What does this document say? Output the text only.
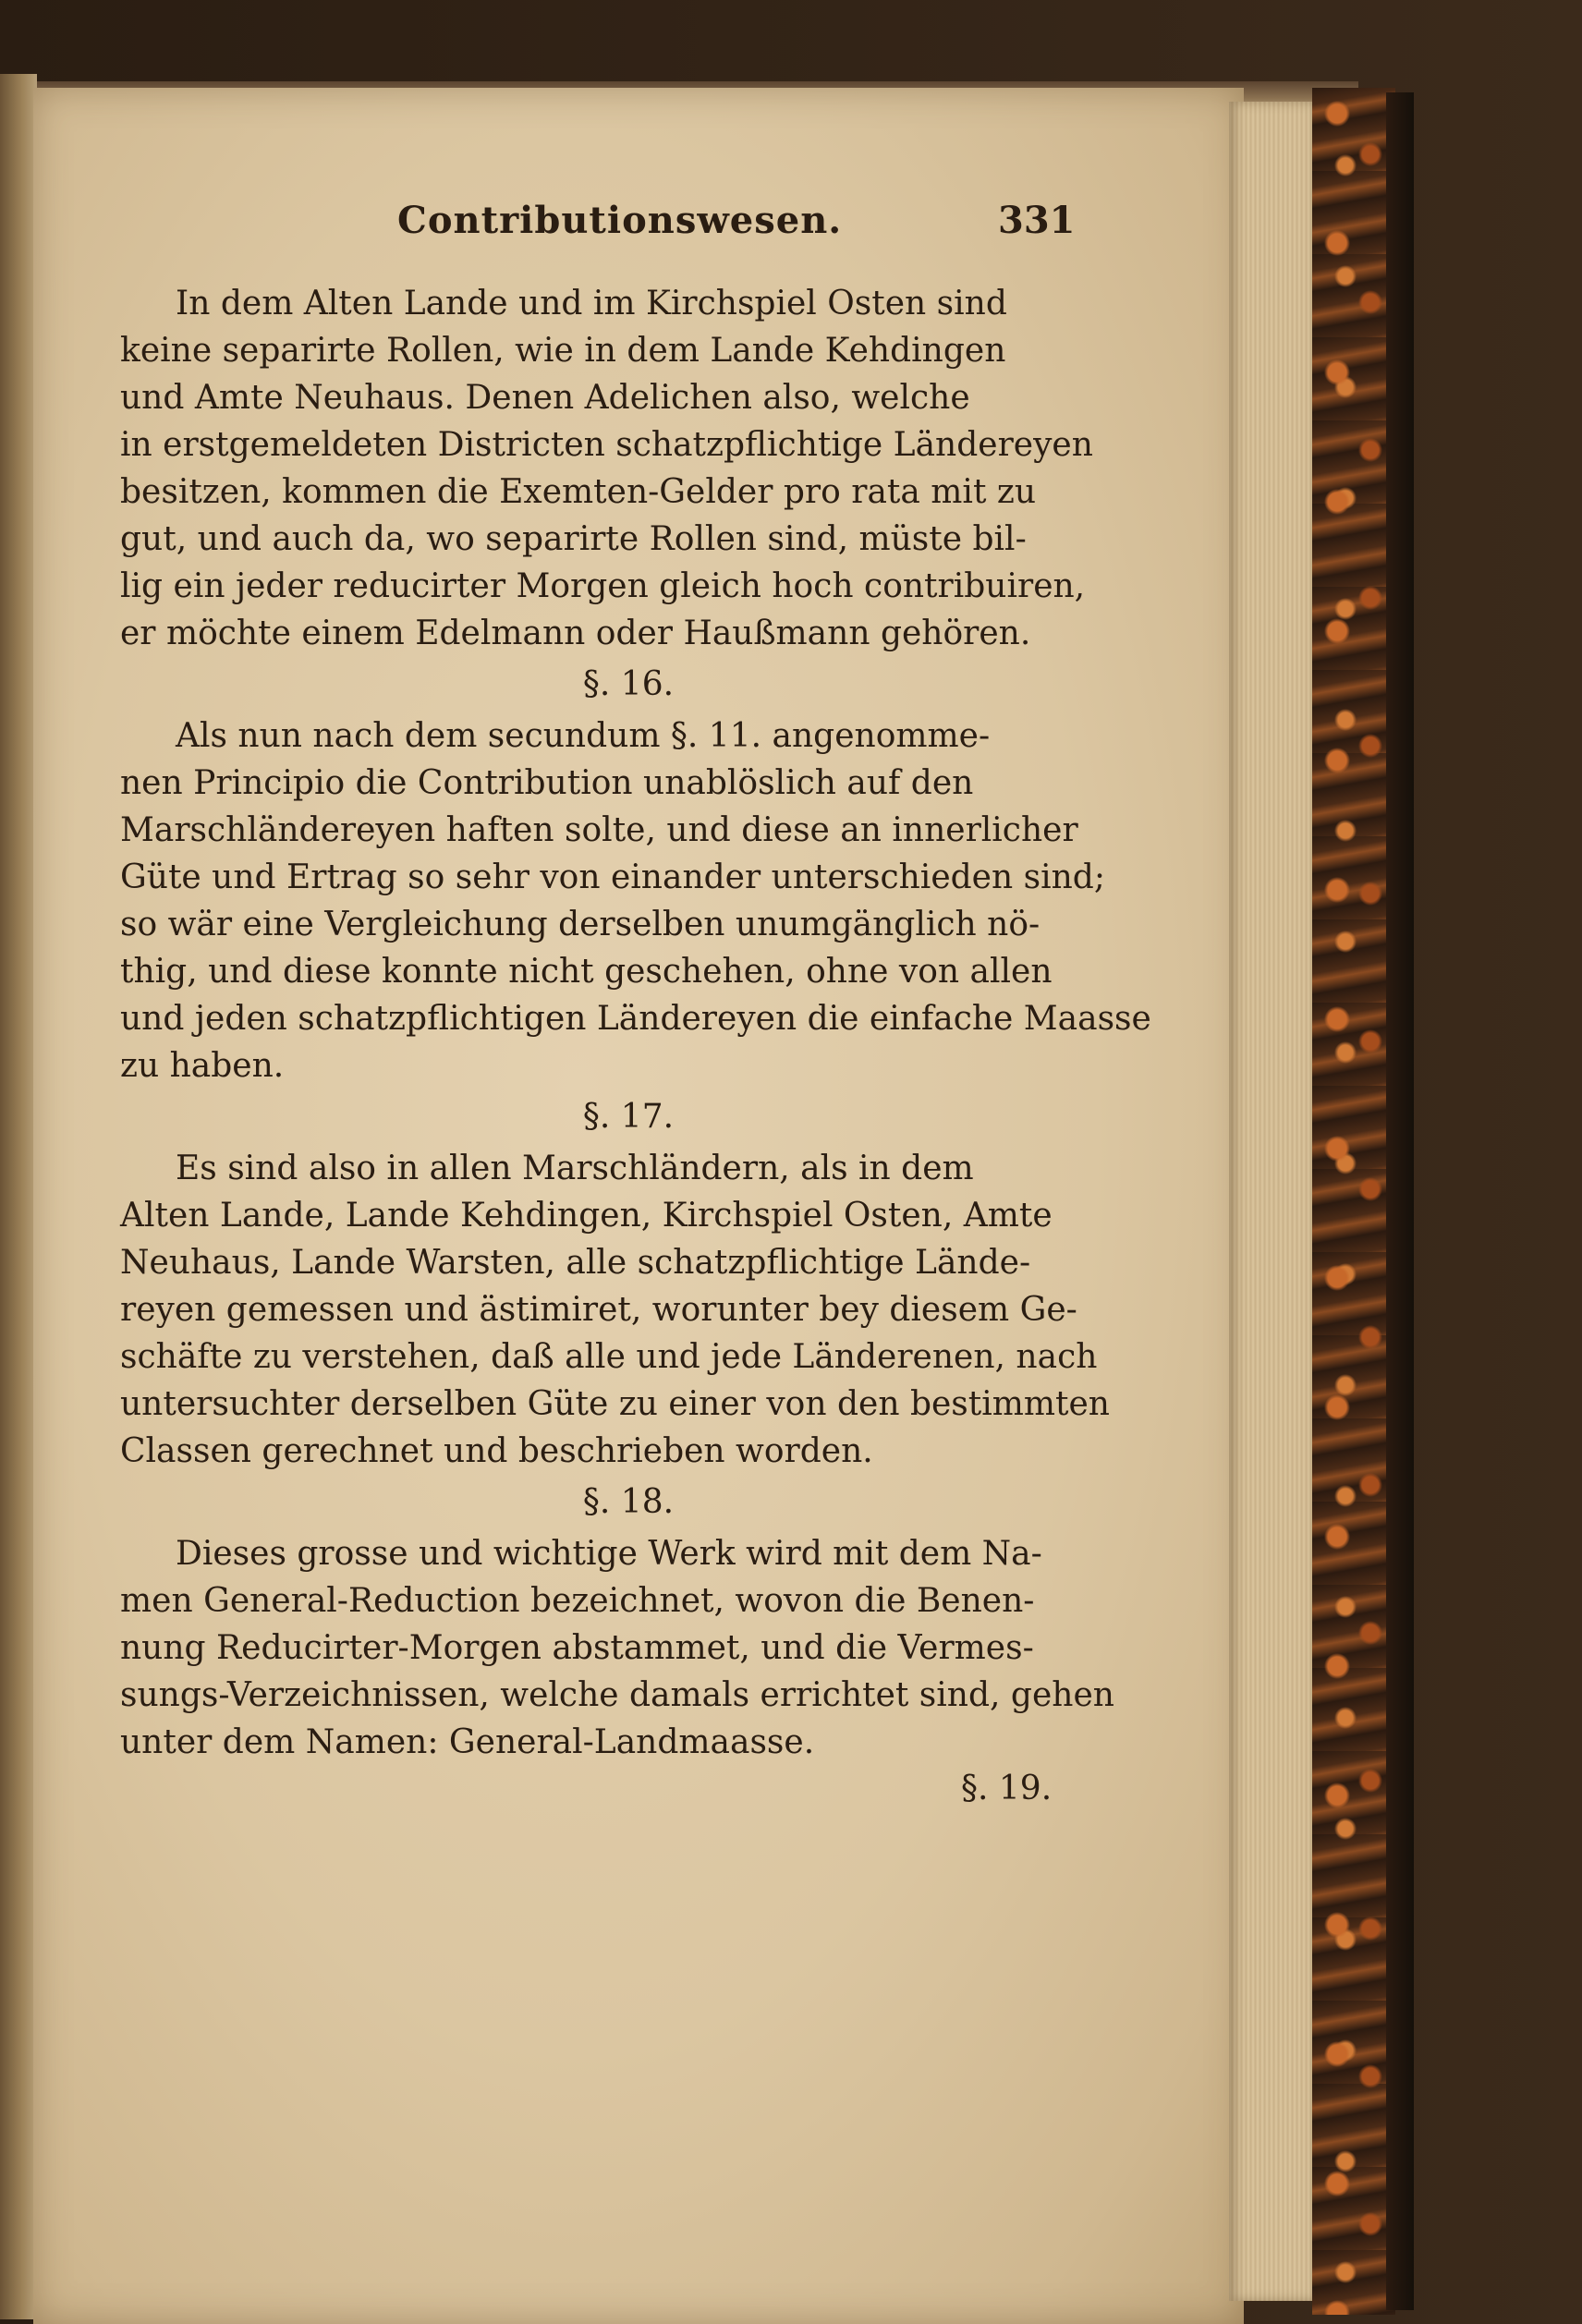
Contributionswesen.	331

In dem Alten Lande und im Kirchspiel Osten sind
keine separirte Rollen, wie in dem Lande Kehdingen
und Amte Neuhaus. Denen Adelichen also, welche
in erstgemeldeten Districten schatzpflichtige Ländereyen
besitzen, kommen die Exemten-Gelder pro rata mit zu
gut, und auch da, wo separirte Rollen sind, müste bil-
lig ein jeder reducirter Morgen gleich hoch contribuiren,
er möchte einem Edelmann oder Haußmann gehören.

§. 16.

Als nun nach dem secundum §. 11. angenomme-
nen Principio die Contribution unablöslich auf den
Marschländereyen haften solte, und diese an innerlicher
Güte und Ertrag so sehr von einander unterschieden sind;
so wär eine Vergleichung derselben unumgänglich nö-
thig, und diese konnte nicht geschehen, ohne von allen
und jeden schatzpflichtigen Ländereyen die einfache Maasse
zu haben.

§. 17.

Es sind also in allen Marschländern, als in dem
Alten Lande, Lande Kehdingen, Kirchspiel Osten, Amte
Neuhaus, Lande Warsten, alle schatzpflichtige Lände-
reyen gemessen und ästimiret, worunter bey diesem Ge-
schäfte zu verstehen, daß alle und jede Länderenen, nach
untersuchter derselben Güte zu einer von den bestimmten
Classen gerechnet und beschrieben worden.

§. 18.

Dieses grosse und wichtige Werk wird mit dem Na-
men General-Reduction bezeichnet, wovon die Benen-
nung Reducirter-Morgen abstammet, und die Vermes-
sungs-Verzeichnissen, welche damals errichtet sind, gehen
unter dem Namen: General-Landmaasse.

§. 19.
